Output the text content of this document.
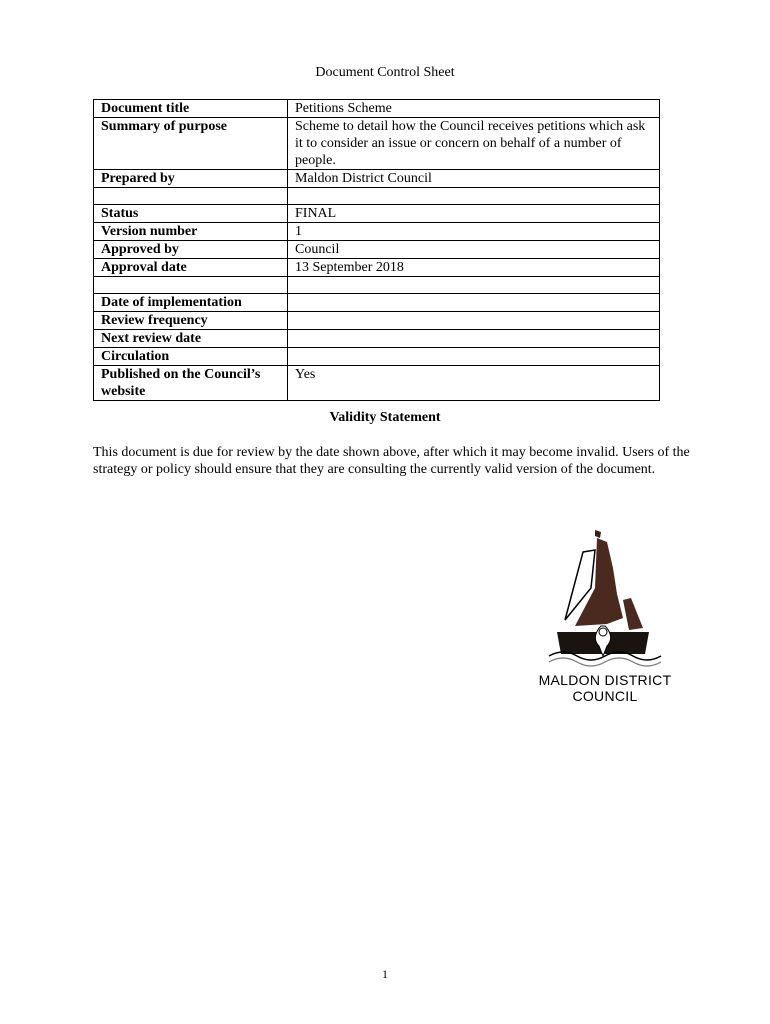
Document Control Sheet
Document title	Petitions Scheme
Summary of purpose	Scheme to detail how the Council receives petitions which ask it to consider an issue or concern on behalf of a number of people.
Prepared by	Maldon District Council

Status	FINAL
Version number	1
Approved by	Council
Approval date	13 September 2018

Date of implementation	
Review frequency	
Next review date	
Circulation	
Published on the Council’s website	Yes
Validity Statement
This document is due for review by the date shown above, after which it may become invalid. Users of the strategy or policy should ensure that they are consulting the currently valid version of the document.
MALDON DISTRICT
COUNCIL
1
